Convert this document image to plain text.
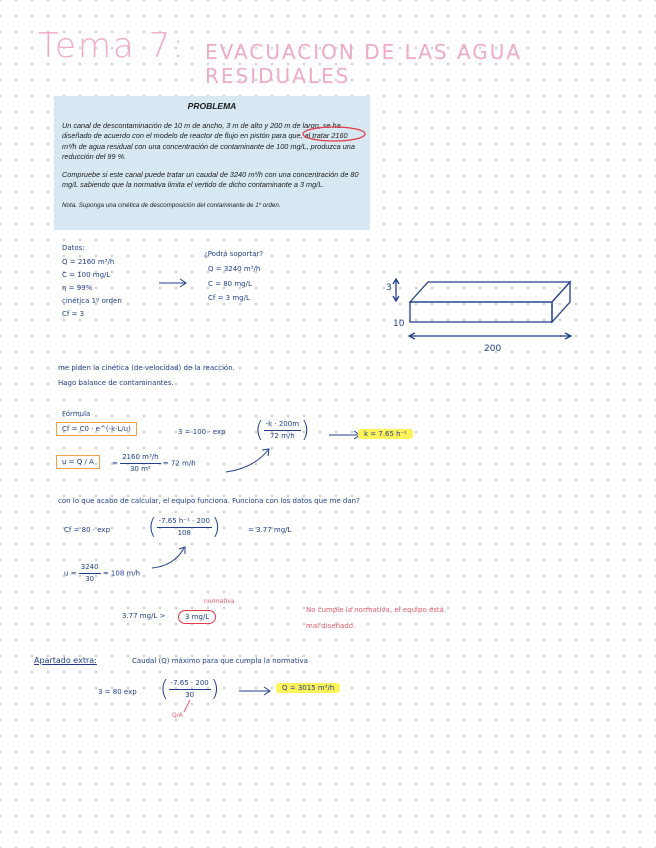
Tema 7: EVACUACION DE LAS AGUA RESIDUALES
PROBLEMA

Un canal de descontaminación de 10 m de ancho, 3 m de alto y 200 m de largo, se ha diseñado de acuerdo con el modelo de reactor de flujo en pistón para que, al tratar 2160 m³/h de agua residual con una concentración de contaminante de 100 mg/L, produzca una reducción del 99 %.

Compruebe si este canal puede tratar un caudal de 3240 m³/h con una concentración de 80 mg/L sabiendo que la normativa limita el vertido de dicho contaminante a 3 mg/L.

Nota. Suponga una cinética de descomposición del contaminante de 1º orden.

Datos:
Q = 2160 m³/h
C = 100 mg/L
η = 99%
cinética 1º orden
Cf = 3
¿Podrá soportar?
Q = 3240 m³/h
C = 80 mg/L
Cf = 3 mg/L
3
10
200
me piden la cinética (de velocidad) de la reacción.
Hago balance de contaminantes.
Fórmula
Cf = C0 · e^(-k·L/u)	3 = 100 · exp ( $\frac{-k \cdot 200m}{72 m/h}$ )	k = 7.65 h⁻¹
u = Q / A	= $\frac{\text{2160 m³/h}}{\text{30 m²}} = 72$ m/h
con lo que acabo de calcular, el equipo funciona. Funciona con los datos que me dan?
Cf = 80 · exp ( $\frac{\text{-7.65 h⁻¹ · 200}}{108}$ )	= 3.77 mg/L
$u = \frac{3240}{30} = 108$ m/h
3.77 mg/L >	3 mg/L
normativa
No cumple la normativa, el equipo está
mal diseñado.
Apartado extra:	Caudal (Q) máximo para que cumpla la normativa
3 = 80 exp ( $\frac{-7.65 \cdot 200}{30}$ )	Q = 3015 m³/h
Q/A
